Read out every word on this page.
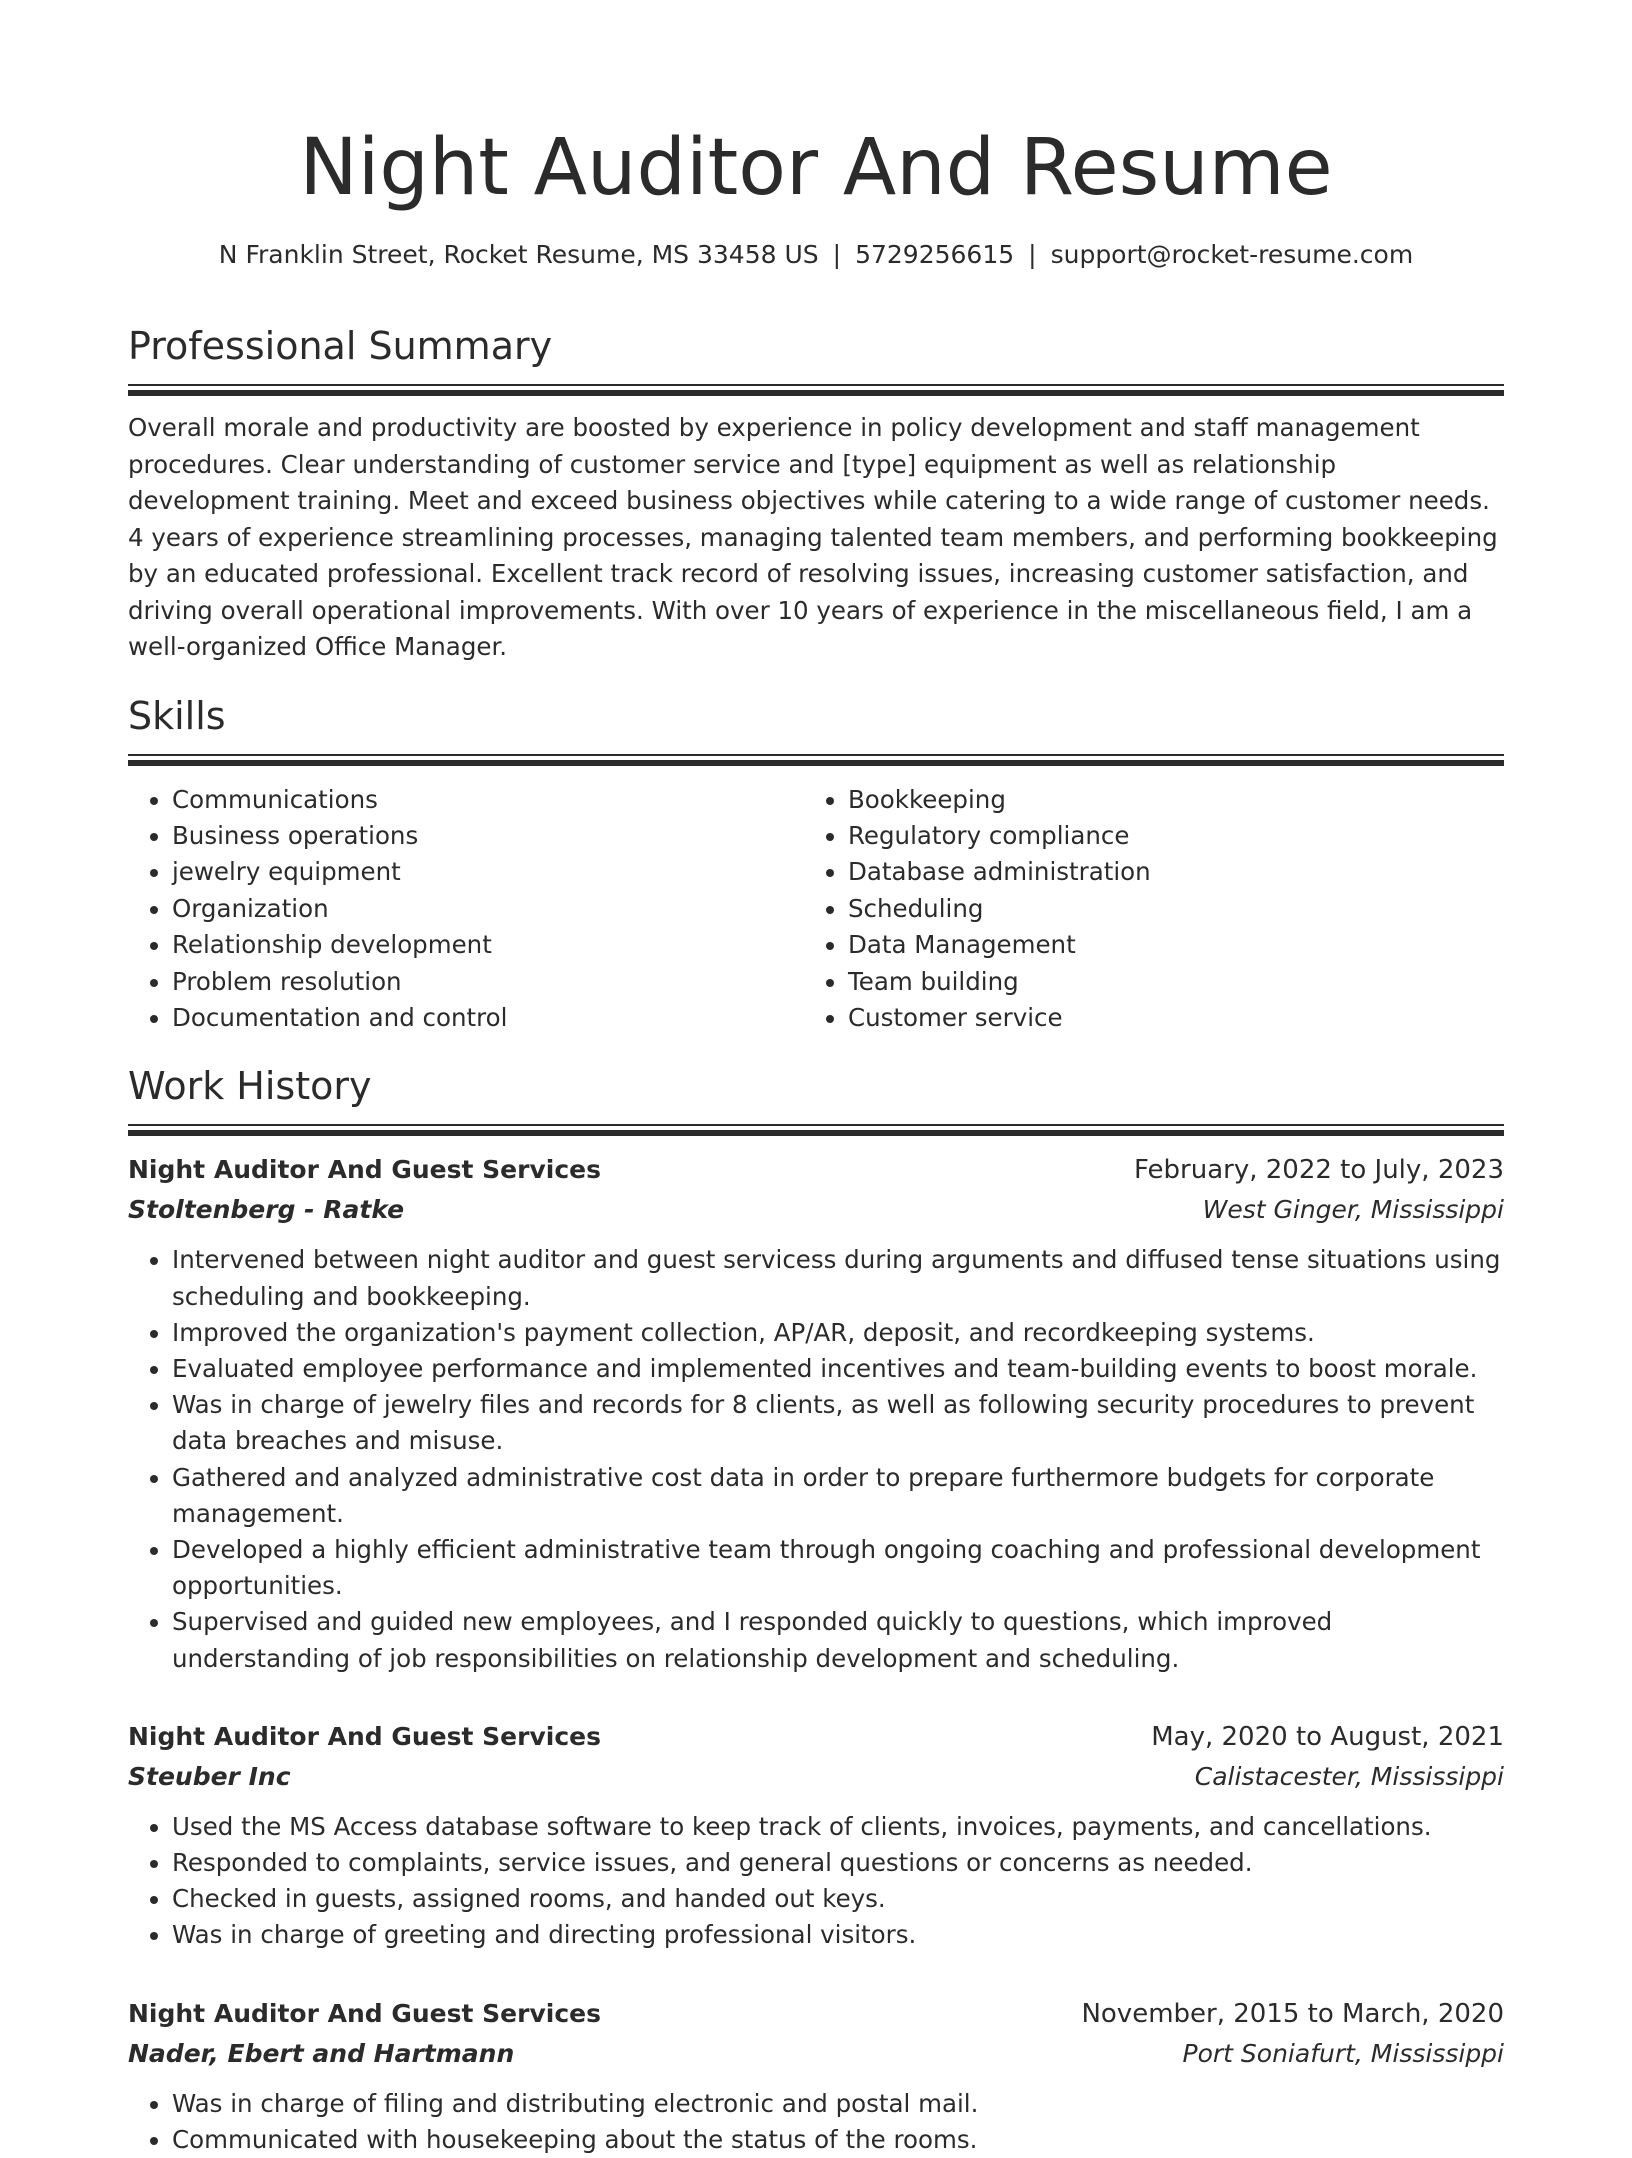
Night Auditor And Resume
N Franklin Street, Rocket Resume, MS 33458 US | 5729256615 | support@rocket-resume.com
Professional Summary

Overall morale and productivity are boosted by experience in policy development and staff management procedures. Clear understanding of customer service and [type] equipment as well as relationship development training. Meet and exceed business objectives while catering to a wide range of customer needs. 4 years of experience streamlining processes, managing talented team members, and performing bookkeeping by an educated professional. Excellent track record of resolving issues, increasing customer satisfaction, and driving overall operational improvements. With over 10 years of experience in the miscellaneous field, I am a well-organized Office Manager.

Skills
• Communications
• Business operations
• jewelry equipment
• Organization
• Relationship development
• Problem resolution
• Documentation and control
• Bookkeeping
• Regulatory compliance
• Database administration
• Scheduling
• Data Management
• Team building
• Customer service
Work History
Night Auditor And Guest Services	February, 2022 to July, 2023
Stoltenberg - Ratke	West Ginger, Mississippi
• Intervened between night auditor and guest servicess during arguments and diffused tense situations using scheduling and bookkeeping.
• Improved the organization's payment collection, AP/AR, deposit, and recordkeeping systems.
• Evaluated employee performance and implemented incentives and team-building events to boost morale.
• Was in charge of jewelry files and records for 8 clients, as well as following security procedures to prevent data breaches and misuse.
• Gathered and analyzed administrative cost data in order to prepare furthermore budgets for corporate management.
• Developed a highly efficient administrative team through ongoing coaching and professional development opportunities.
• Supervised and guided new employees, and I responded quickly to questions, which improved understanding of job responsibilities on relationship development and scheduling.
Night Auditor And Guest Services	May, 2020 to August, 2021
Steuber Inc	Calistacester, Mississippi
• Used the MS Access database software to keep track of clients, invoices, payments, and cancellations.
• Responded to complaints, service issues, and general questions or concerns as needed.
• Checked in guests, assigned rooms, and handed out keys.
• Was in charge of greeting and directing professional visitors.
Night Auditor And Guest Services	November, 2015 to March, 2020
Nader, Ebert and Hartmann	Port Soniafurt, Mississippi
• Was in charge of filing and distributing electronic and postal mail.
• Communicated with housekeeping about the status of the rooms.
